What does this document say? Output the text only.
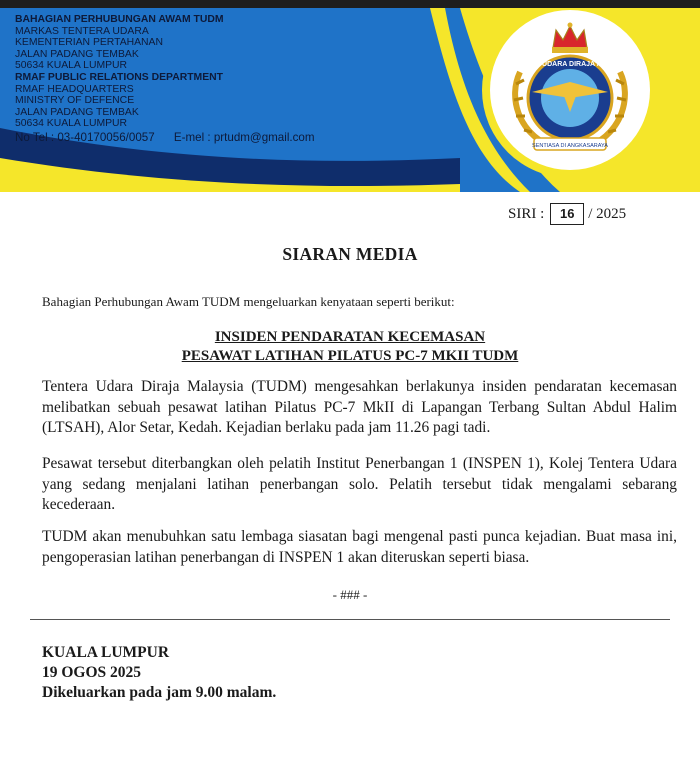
BAHAGIAN PERHUBUNGAN AWAM TUDM
MARKAS TENTERA UDARA
KEMENTERIAN PERTAHANAN
JALAN PADANG TEMBAK
50634 KUALA LUMPUR
RMAF PUBLIC RELATIONS DEPARTMENT
RMAF HEADQUARTERS
MINISTRY OF DEFENCE
JALAN PADANG TEMBAK
50634 KUALA LUMPUR
No Tel : 03-40170056/0057 E-mel : prtudm@gmail.com
TENTERA UDARA DIRAJA MALAYSIA
SENTIASA DI ANGKASARAYA
SIRI :	16 / 2025
SIARAN MEDIA
Bahagian Perhubungan Awam TUDM mengeluarkan kenyataan seperti berikut:
INSIDEN PENDARATAN KECEMASAN
PESAWAT LATIHAN PILATUS PC-7 MKII TUDM
Tentera Udara Diraja Malaysia (TUDM) mengesahkan berlakunya insiden pendaratan kecemasan melibatkan sebuah pesawat latihan Pilatus PC-7 MkII di Lapangan Terbang Sultan Abdul Halim (LTSAH), Alor Setar, Kedah. Kejadian berlaku pada jam 11.26 pagi tadi.
Pesawat tersebut diterbangkan oleh pelatih Institut Penerbangan 1 (INSPEN 1), Kolej Tentera Udara yang sedang menjalani latihan penerbangan solo. Pelatih tersebut tidak mengalami sebarang kecederaan.
TUDM akan menubuhkan satu lembaga siasatan bagi mengenal pasti punca kejadian. Buat masa ini, pengoperasian latihan penerbangan di INSPEN 1 akan diteruskan seperti biasa.
- ### -
KUALA LUMPUR
19 OGOS 2025
Dikeluarkan pada jam 9.00 malam.
